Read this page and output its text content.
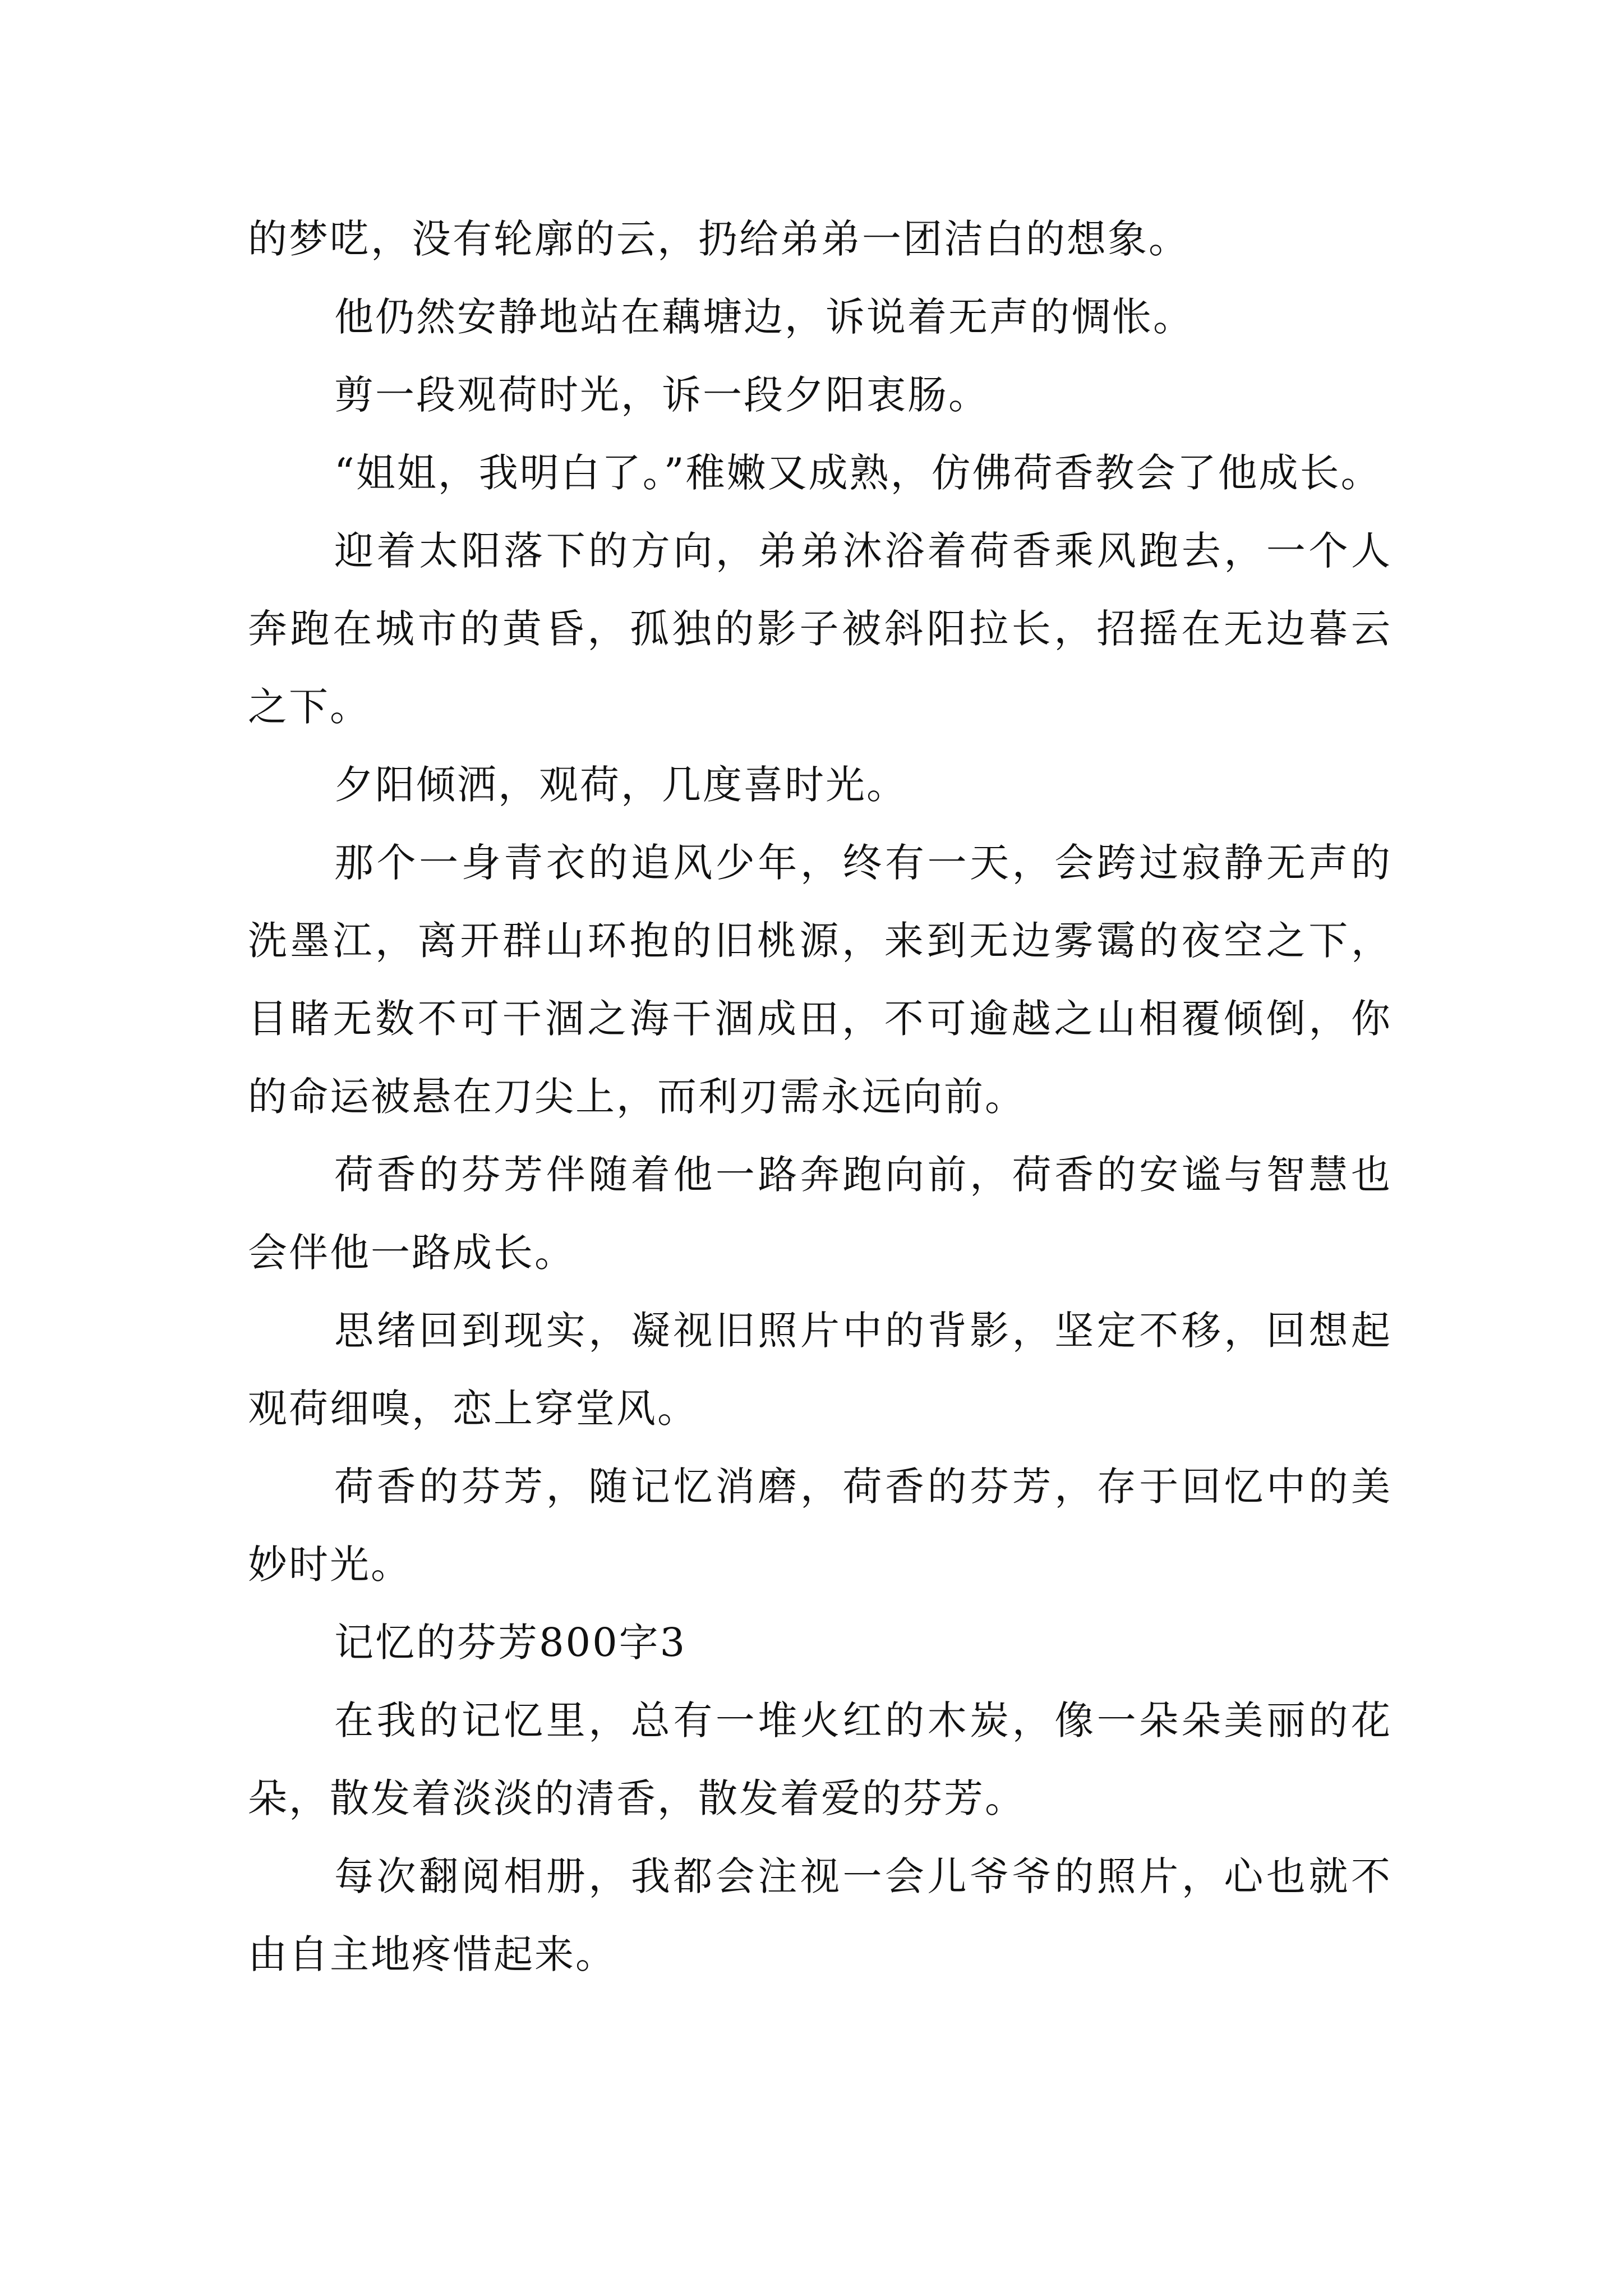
的梦呓，没有轮廓的云，扔给弟弟一团洁白的想象。

他仍然安静地站在藕塘边，诉说着无声的惆怅。

剪一段观荷时光，诉一段夕阳衷肠。

“姐姐，我明白了。”稚嫩又成熟，仿佛荷香教会了他成长。

迎着太阳落下的方向，弟弟沐浴着荷香乘风跑去，一个人奔跑在城市的黄昏，孤独的影子被斜阳拉长，招摇在无边暮云之下。

夕阳倾洒，观荷，几度喜时光。

那个一身青衣的追风少年，终有一天，会跨过寂静无声的洗墨江，离开群山环抱的旧桃源，来到无边雾霭的夜空之下，目睹无数不可干涸之海干涸成田，不可逾越之山相覆倾倒，你的命运被悬在刀尖上，而利刃需永远向前。

荷香的芬芳伴随着他一路奔跑向前，荷香的安谧与智慧也会伴他一路成长。

思绪回到现实，凝视旧照片中的背影，坚定不移，回想起观荷细嗅，恋上穿堂风。

荷香的芬芳，随记忆消磨，荷香的芬芳，存于回忆中的美妙时光。

记忆的芬芳800字3

在我的记忆里，总有一堆火红的木炭，像一朵朵美丽的花朵，散发着淡淡的清香，散发着爱的芬芳。

每次翻阅相册，我都会注视一会儿爷爷的照片，心也就不由自主地疼惜起来。
